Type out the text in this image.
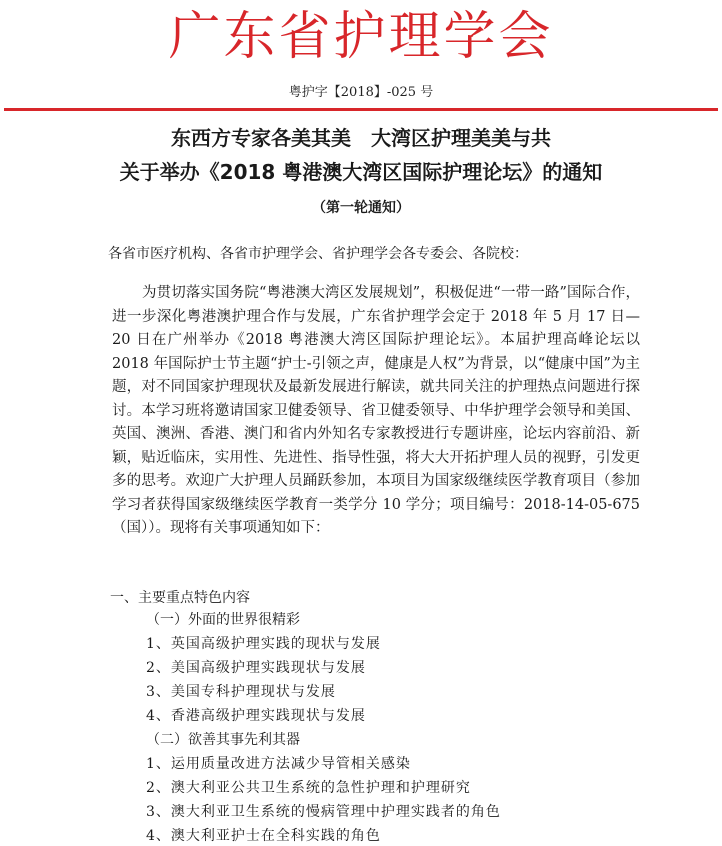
广东省护理学会
粤护字【2018】-025 号
东西方专家各美其美　大湾区护理美美与共
关于举办《2018 粤港澳大湾区国际护理论坛》的通知
（第一轮通知）
各省市医疗机构、各省市护理学会、省护理学会各专委会、各院校：
为贯切落实国务院“粤港澳大湾区发展规划”，积极促进“一带一路”国际合作，进一步深化粤港澳护理合作与发展，广东省护理学会定于 2018 年 5 月 17 日—20 日在广州举办《2018 粤港澳大湾区国际护理论坛》。本届护理高峰论坛以 2018 年国际护士节主题“护士-引领之声，健康是人权”为背景，以“健康中国”为主题，对不同国家护理现状及最新发展进行解读，就共同关注的护理热点问题进行探讨。本学习班将邀请国家卫健委领导、省卫健委领导、中华护理学会领导和美国、英国、澳洲、香港、澳门和省内外知名专家教授进行专题讲座，论坛内容前沿、新颖，贴近临床，实用性、先进性、指导性强，将大大开拓护理人员的视野，引发更多的思考。欢迎广大护理人员踊跃参加，本项目为国家级继续医学教育项目（参加学习者获得国家级继续医学教育一类学分 10 学分；项目编号：2018-14-05-675（国））。现将有关事项通知如下：
一、主要重点特色内容
（一）外面的世界很精彩
1、英国高级护理实践的现状与发展
2、美国高级护理实践现状与发展
3、美国专科护理现状与发展
4、香港高级护理实践现状与发展
（二）欲善其事先利其器
1、运用质量改进方法减少导管相关感染
2、澳大利亚公共卫生系统的急性护理和护理研究
3、澳大利亚卫生系统的慢病管理中护理实践者的角色
4、澳大利亚护士在全科实践的角色
